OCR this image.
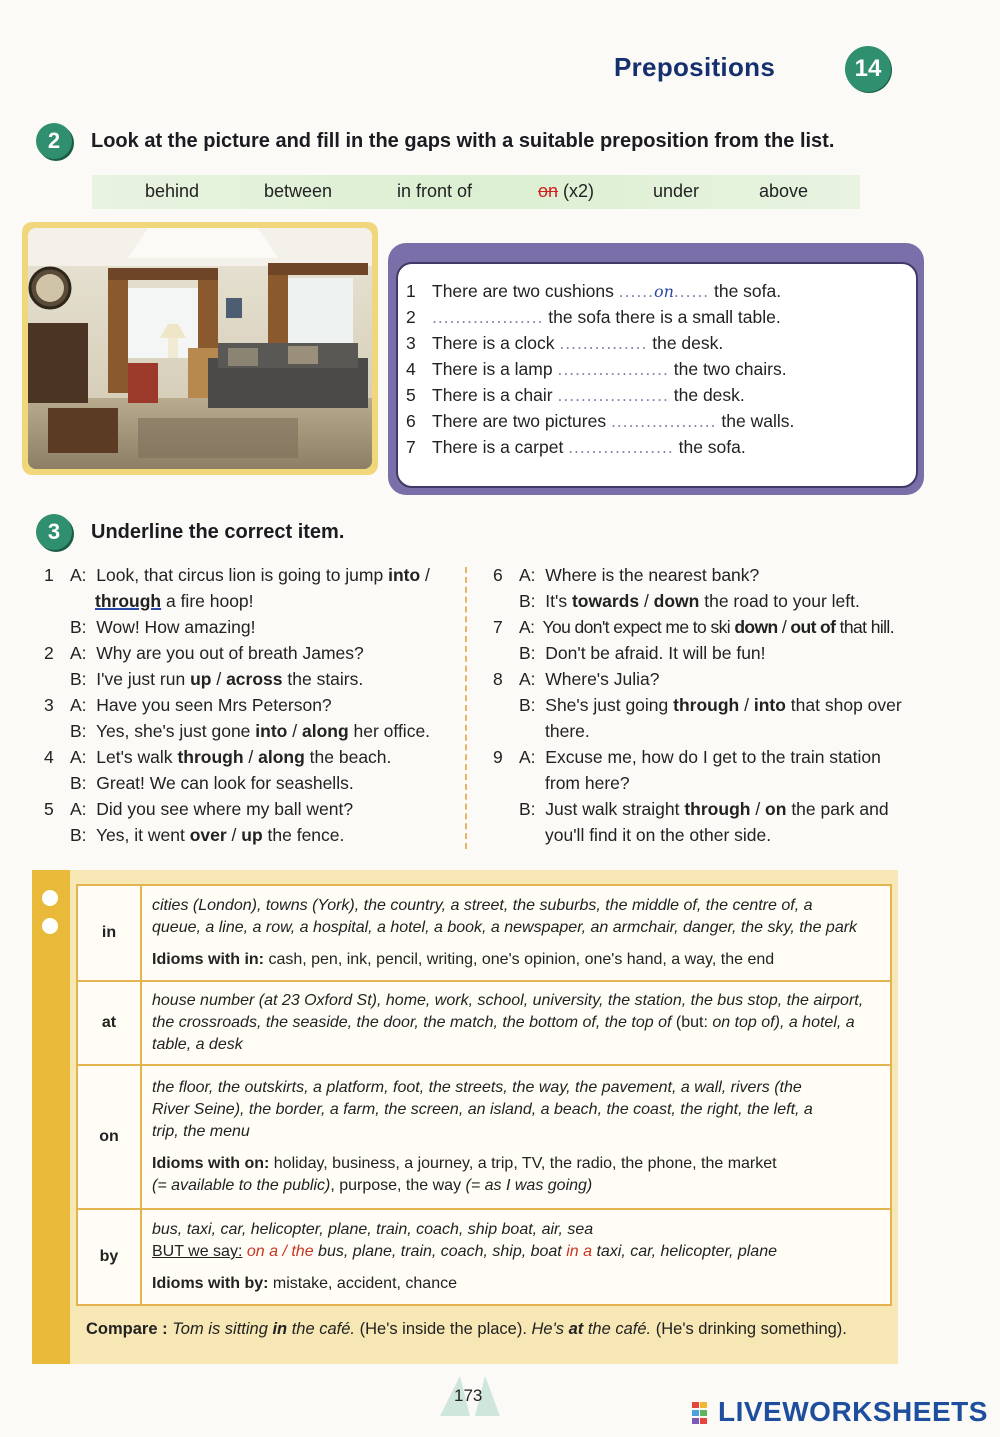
Prepositions	14
2	Look at the picture and fill in the gaps with a suitable preposition from the list.
behind	between	in front of	on (x2)	under	above
1 There are two cushions ......on...... the sofa.
2 ................... the sofa there is a small table.
3 There is a clock ............... the desk.
4 There is a lamp ................... the two chairs.
5 There is a chair ................... the desk.
6 There are two pictures .................. the walls.
7 There is a carpet .................. the sofa.
3	Underline the correct item.
1 A:  Look, that circus lion is going to jump into /
through a fire hoop!
B:  Wow! How amazing!
2 A:  Why are you out of breath James?
B:  I've just run up / across the stairs.
3 A:  Have you seen Mrs Peterson?
B:  Yes, she's just gone into / along her office.
4 A:  Let's walk through / along the beach.
B:  Great! We can look for seashells.
5 A:  Did you see where my ball went?
B:  Yes, it went over / up the fence.
6 A:  Where is the nearest bank?
B:  It's towards / down the road to your left.
7 A:  You don't expect me to ski down / out of that hill.
B:  Don't be afraid. It will be fun!
8 A:  Where's Julia?
B:  She's just going through / into that shop over
there.
9 A:  Excuse me, how do I get to the train station
from here?
B:  Just walk straight through / on the park and
you'll find it on the other side.
in	cities (London), towns (York), the country, a street, the suburbs, the middle of, the centre of, a
queue, a line, a row, a hospital, a hotel, a book, a newspaper, an armchair, danger, the sky, the park
Idioms with in: cash, pen, ink, pencil, writing, one's opinion, one's hand, a way, the end

at	house number (at 23 Oxford St), home, work, school, university, the station, the bus stop, the airport,
the crossroads, the seaside, the door, the match, the bottom of, the top of (but: on top of), a hotel, a
table, a desk

on	the floor, the outskirts, a platform, foot, the streets, the way, the pavement, a wall, rivers (the
River Seine), the border, a farm, the screen, an island, a beach, the coast, the right, the left, a
trip, the menu
Idioms with on: holiday, business, a journey, a trip, TV, the radio, the phone, the market
(= available to the public), purpose, the way (= as I was going)

by	bus, taxi, car, helicopter, plane, train, coach, ship boat, air, sea
BUT we say: on a / the bus, plane, train, coach, ship, boat in a taxi, car, helicopter, plane
Idioms with by: mistake, accident, chance
Compare : Tom is sitting in the café. (He's inside the place). He's at the café. (He's drinking something).
173
LIVEWORKSHEETS
